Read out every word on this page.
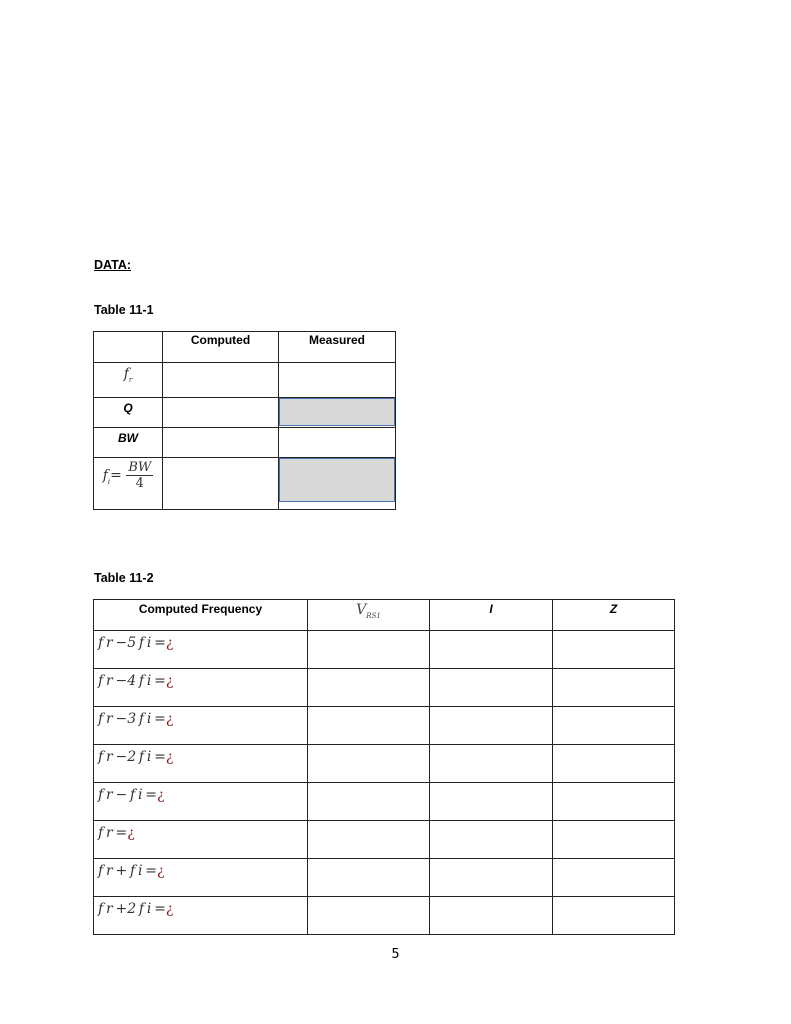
DATA:
Table 11-1
	Computed	Measured
$f_r$		
Q		

BW		
$f_i= \frac{BW}{4}$

Table 11-2
Computed Frequency	$V_{RS1}$	I	Z
f r −5 f i =¿			
f r −4 f i =¿			
f r −3 f i =¿			
f r −2 f i =¿			
f r − f i =¿			
f r =¿			
f r + f i =¿			
f r +2 f i =¿			
5
